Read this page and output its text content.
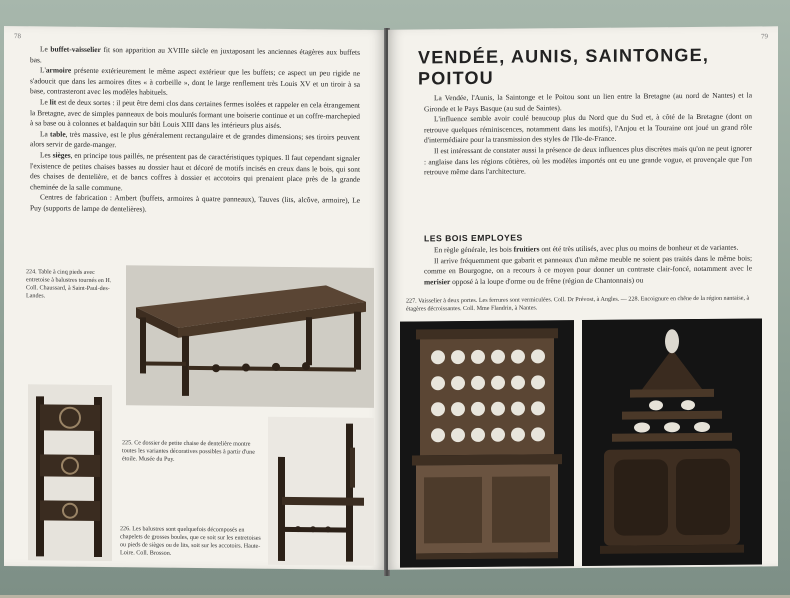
78

Le buffet-vaisselier fit son apparition au XVIIIe siècle en juxtaposant les anciennes étagères aux buffets bas.

L'armoire présente extérieurement le même aspect extérieur que les buffets; ce aspect un peu rigide ne s'adoucit que dans les armoires dites « à corbeille », dont le large renflement très Louis XV et un tiroir à sa base, contrasteront avec les modèles habituels.

Le lit est de deux sortes : il peut être demi clos dans certaines fermes isolées et rappeler en cela étrangement la Bretagne, avec de simples panneaux de bois moulurés formant une boiserie continue et un coffre-marchepied à sa base ou à colonnes et baldaquin sur bâti Louis XIII dans les intérieurs plus aisés.

La table, très massive, est le plus généralement rectangulaire et de grandes dimensions; ses tiroirs peuvent alors servir de garde-manger.

Les sièges, en principe tous paillés, ne présentent pas de caractéristiques typiques. Il faut cependant signaler l'existence de petites chaises basses au dossier haut et décoré de motifs incisés en creux dans le bois, qui sont des chaises de dentelière, et de bancs coffres à dossier et accotoirs qui prenaient place près de la grande cheminée de la salle commune.

Centres de fabrication : Ambert (buffets, armoires à quatre panneaux), Tauves (lits, alcôve, armoire), Le Puy (supports de lampe de dentelières).

224. Table à cinq pieds avec entretoise à balustres tournés en H. Coll. Chaussard, à Saint-Paul-des-Landes.
225. Ce dossier de petite chaise de dentelière montre toutes les variantes décoratives possibles à partir d'une étoile. Musée du Puy.
226. Les balustres sont quelquefois décomposés en chapelets de grosses boules, que ce soit sur les entretoises ou pieds de sièges ou de lits, soit sur les accotoirs. Haute-Loire. Coll. Brosson.
79
VENDÉE, AUNIS, SAINTONGE, POITOU

La Vendée, l'Aunis, la Saintonge et le Poitou sont un lien entre la Bretagne (au nord de Nantes) et la Gironde et le Pays Basque (au sud de Saintes).

L'influence semble avoir coulé beaucoup plus du Nord que du Sud et, à côté de la Bretagne (dont on retrouve quelques réminiscences, notamment dans les motifs), l'Anjou et la Touraine ont joué un grand rôle d'intermédiaire pour la transmission des styles de l'Ile-de-France.

Il est intéressant de constater aussi la présence de deux influences plus discrètes mais qu'on ne peut ignorer : anglaise dans les régions côtières, où les modèles importés ont eu une grande vogue, et provençale que l'on retrouve même dans l'architecture.

LES BOIS EMPLOYES

En règle générale, les bois fruitiers ont été très utilisés, avec plus ou moins de bonheur et de variantes.

Il arrive fréquemment que gabarit et panneaux d'un même meuble ne soient pas traités dans le même bois; comme en Bourgogne, on a recours à ce moyen pour donner un contraste clair-foncé, notamment avec le merisier opposé à la loupe d'orme ou de frêne (région de Chantonnais) ou

227. Vaisselier à deux portes. Les ferrures sont vermiculées. Coll. Dr Prévost, à Angles. — 228. Encoignure en chêne de la région nantaise, à étagères décroissantes. Coll. Mme Flandrin, à Nantes.
